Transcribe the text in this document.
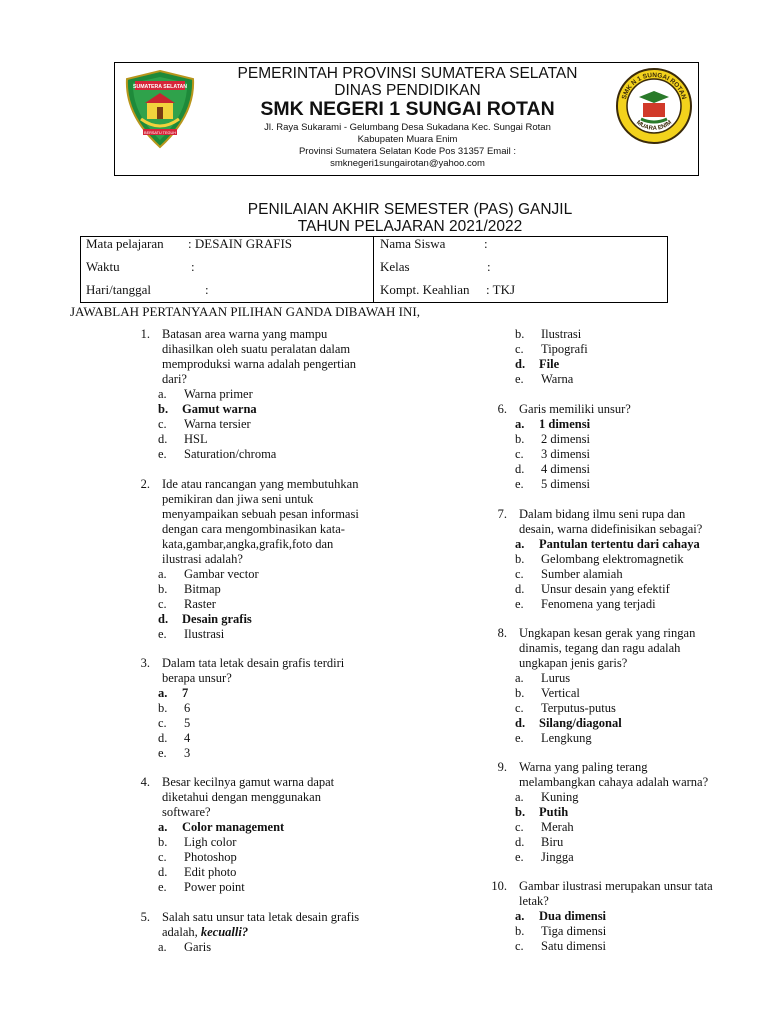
SUMATERA SELATAN
BERSATU TEGUH
PEMERINTAH PROVINSI SUMATERA SELATAN
DINAS PENDIDIKAN
SMK NEGERI 1 SUNGAI ROTAN
Jl. Raya Sukarami - Gelumbang Desa Sukadana Kec. Sungai Rotan
Kabupaten Muara Enim
Provinsi Sumatera Selatan Kode Pos 31357 Email :
smknegeri1sungairotan@yahoo.com
SMK N 1 SUNGAI ROTAN
MUARA ENIM
PENILAIAN AKHIR SEMESTER (PAS) GANJIL
TAHUN PELAJARAN 2021/2022
Mata pelajaran : DESAIN GRAFIS
Waktu	:
Hari/tanggal	:
Nama Siswa	:
Kelas	:
Kompt. Keahlian : TKJ
JAWABLAH PERTANYAAN PILIHAN GANDA DIBAWAH INI,
1. Batasan area warna yang mampu
dihasilkan oleh suatu peralatan dalam
memproduksi warna adalah pengertian
dari?
a. Warna primer
b. Gamut warna
c. Warna tersier
d. HSL
e. Saturation/chroma
2. Ide atau rancangan yang membutuhkan
pemikiran dan jiwa seni untuk
menyampaikan sebuah pesan informasi
dengan cara mengombinasikan kata-
kata,gambar,angka,grafik,foto dan
ilustrasi adalah?
a. Gambar vector
b. Bitmap
c. Raster
d. Desain grafis
e. Ilustrasi
3. Dalam tata letak desain grafis terdiri
berapa unsur?
a. 7
b. 6
c. 5
d. 4
e. 3
4. Besar kecilnya gamut warna dapat
diketahui dengan menggunakan
software?
a. Color management
b. Ligh color
c. Photoshop
d. Edit photo
e. Power point
5. Salah satu unsur tata letak desain grafis
adalah, kecualli?
a. Garis
b. Ilustrasi
c. Tipografi
d. File
e. Warna
6. Garis memiliki unsur?
a. 1 dimensi
b. 2 dimensi
c. 3 dimensi
d. 4 dimensi
e. 5 dimensi
7. Dalam bidang ilmu seni rupa dan
desain, warna didefinisikan sebagai?
a. Pantulan tertentu dari cahaya
b. Gelombang elektromagnetik
c. Sumber alamiah
d. Unsur desain yang efektif
e. Fenomena yang terjadi
8. Ungkapan kesan gerak yang ringan
dinamis, tegang dan ragu adalah
ungkapan jenis garis?
a. Lurus
b. Vertical
c. Terputus-putus
d. Silang/diagonal
e. Lengkung
9. Warna yang paling terang
melambangkan cahaya adalah warna?
a. Kuning
b. Putih
c. Merah
d. Biru
e. Jingga
10. Gambar ilustrasi merupakan unsur tata
letak?
a. Dua dimensi
b. Tiga dimensi
c. Satu dimensi
